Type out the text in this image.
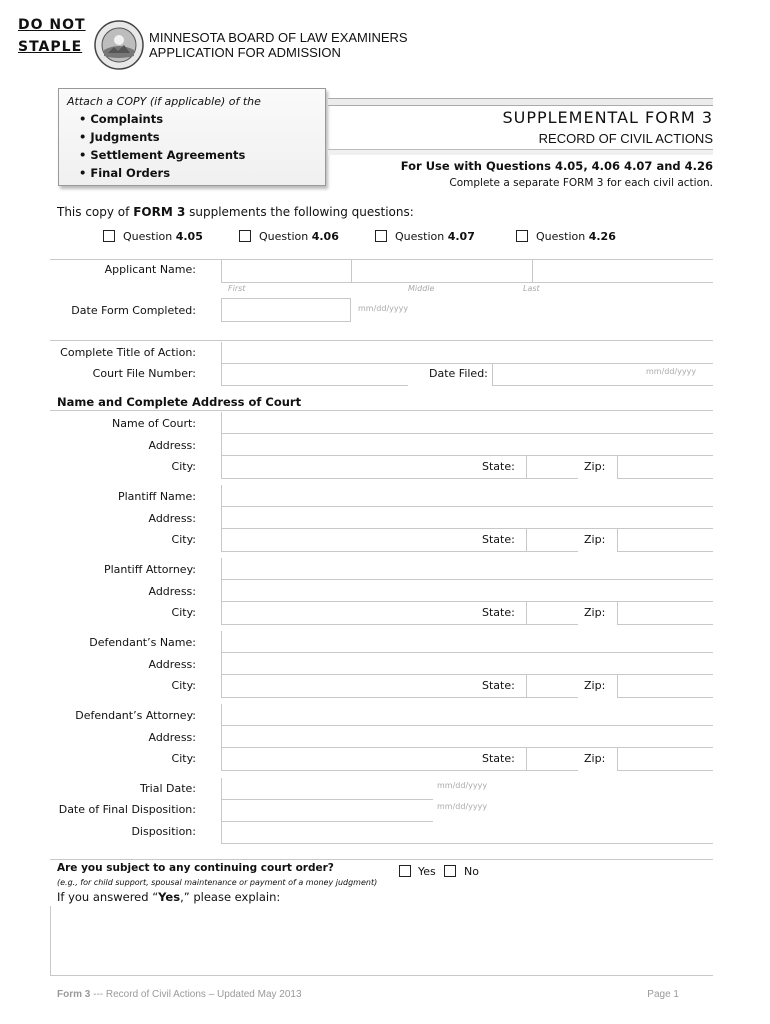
DO NOT
STAPLE
MINNESOTA BOARD OF LAW EXAMINERS
APPLICATION FOR ADMISSION
Attach a COPY (if applicable) of the
• Complaints
• Judgments
• Settlement Agreements
• Final Orders
SUPPLEMENTAL FORM 3
RECORD OF CIVIL ACTIONS
For Use with Questions 4.05, 4.06 4.07 and 4.26
Complete a separate FORM 3 for each civil action.
This copy of FORM 3 supplements the following questions:
Question 4.05	Question 4.06	Question 4.07	Question 4.26
Applicant Name:
First	Middle	Last
Date Form Completed:	mm/dd/yyyy
Complete Title of Action:
Court File Number:	Date Filed:	mm/dd/yyyy
Name and Complete Address of Court
Name of Court:
Address:
City:	State:	Zip:
Plantiff Name:
Address:
City:	State:	Zip:
Plantiff Attorney:
Address:
City:	State:	Zip:
Defendant’s Name:
Address:
City:	State:	Zip:
Defendant’s Attorney:
Address:
City:	State:	Zip:
Trial Date:	mm/dd/yyyy
Date of Final Disposition:	mm/dd/yyyy
Disposition:
Are you subject to any continuing court order?
(e.g., for child support, spousal maintenance or payment of a money judgment)
Yes	No
If you answered “Yes,” please explain:
Form 3 --- Record of Civil Actions – Updated May 2013	Page 1
